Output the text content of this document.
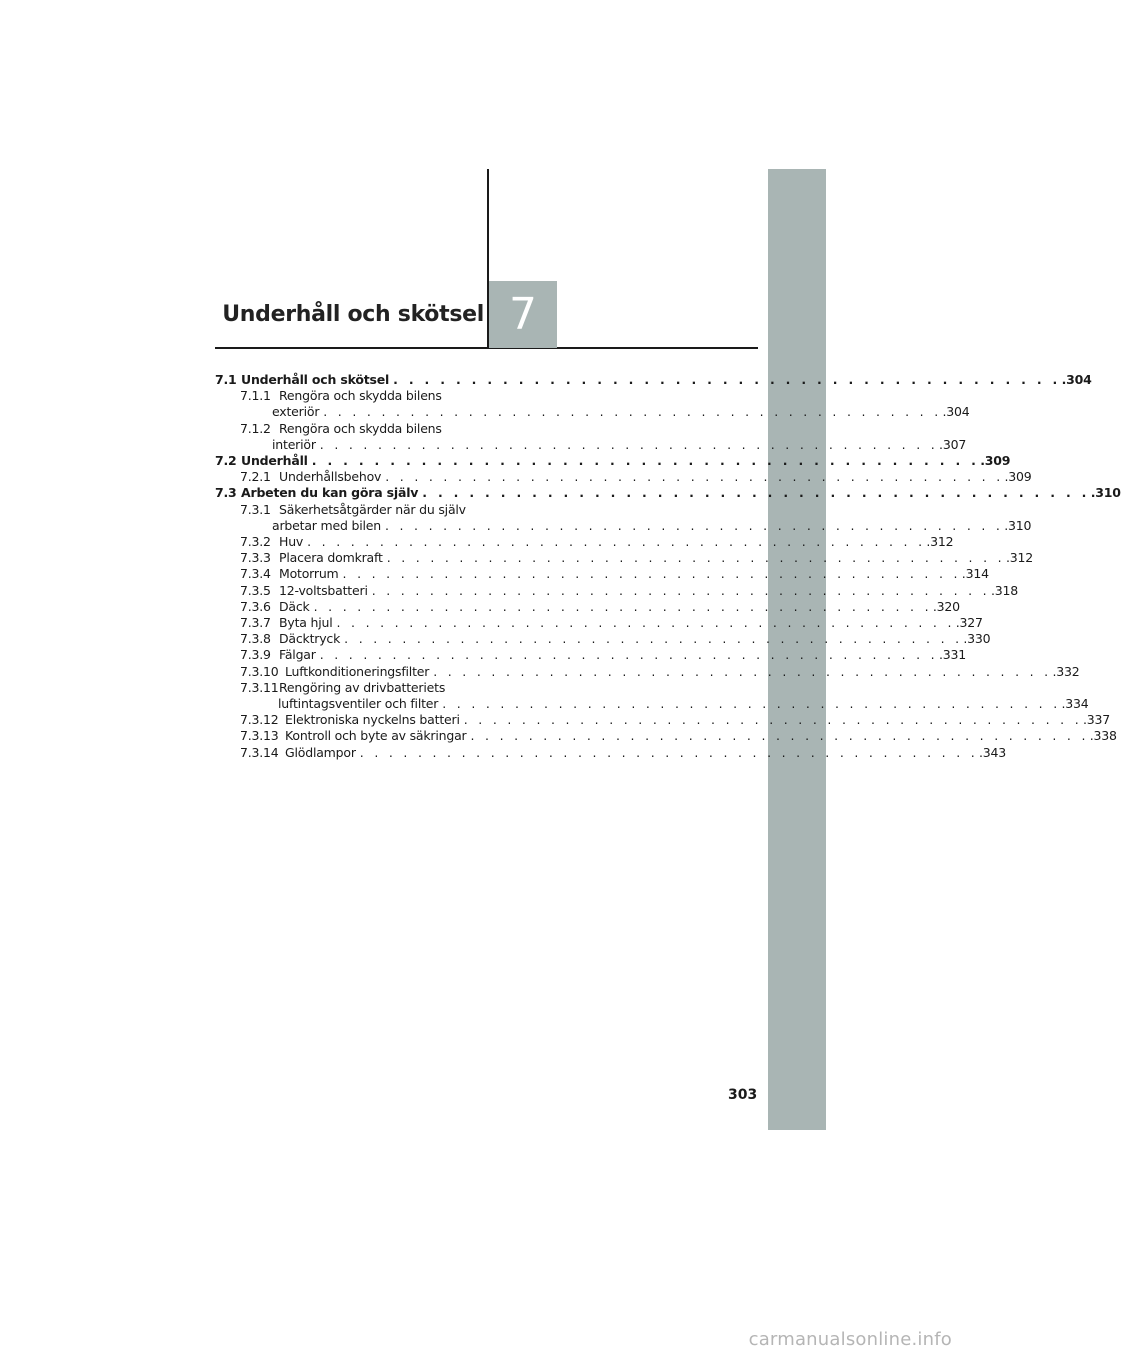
Underhåll och skötsel 7
7.1 Underhåll och skötsel . . .	.304
7.1.1 Rengöra och skydda bilens
exteriör . . .	.304
7.1.2 Rengöra och skydda bilens
interiör . . .	.307
7.2 Underhåll . . .	.309
7.2.1 Underhållsbehov . . .	.309
7.3 Arbeten du kan göra själv . . .	.310
7.3.1 Säkerhetsåtgärder när du själv
arbetar med bilen . . .	.310
7.3.2 Huv . . .	.312
7.3.3 Placera domkraft . . .	.312
7.3.4 Motorrum . . .	.314
7.3.5 12-voltsbatteri . . .	.318
7.3.6 Däck . . .	.320
7.3.7 Byta hjul . . .	.327
7.3.8 Däcktryck . . .	.330
7.3.9 Fälgar . . .	.331
7.3.10 Luftkonditioneringsfilter . . .	.332
7.3.11 Rengöring av drivbatteriets
luftintagsventiler och filter . . .	.334
7.3.12 Elektroniska nyckelns batteri . . .	.337
7.3.13 Kontroll och byte av säkringar . . .	.338
7.3.14 Glödlampor . . .	.343
303
carmanualsonline.info
